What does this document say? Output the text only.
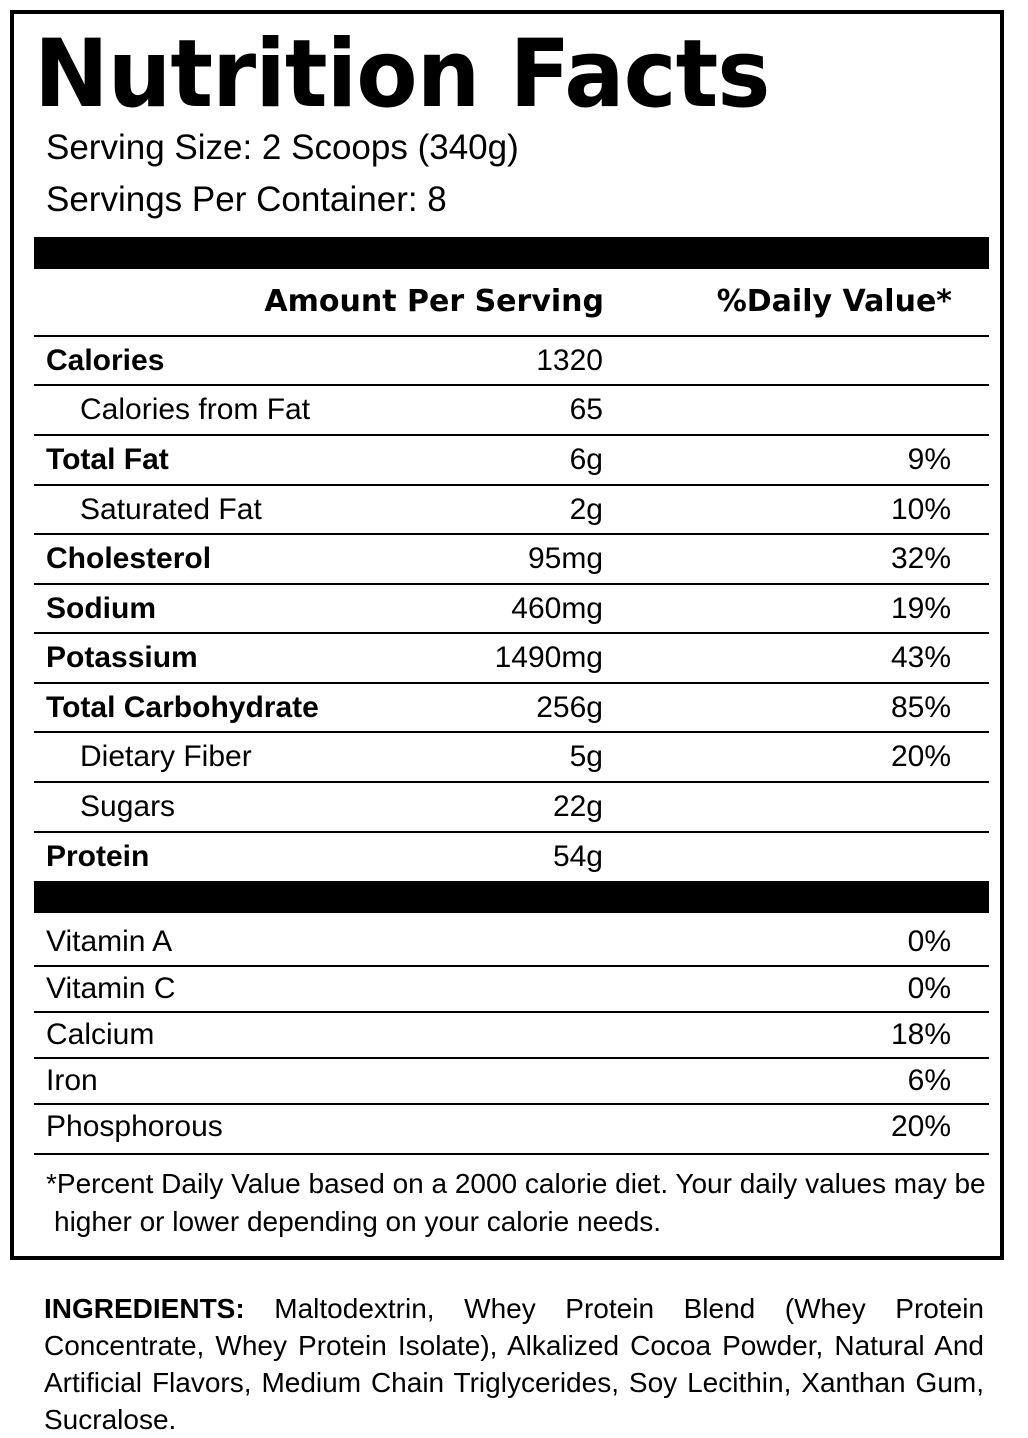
Nutrition Facts
Serving Size: 2 Scoops (340g)
Servings Per Container: 8
Amount Per Serving	%Daily Value*
Calories	1320
Calories from Fat	65
Total Fat	6g	9%
Saturated Fat	2g	10%
Cholesterol	95mg	32%
Sodium	460mg	19%
Potassium	1490mg	43%
Total Carbohydrate	256g	85%
Dietary Fiber	5g	20%
Sugars	22g
Protein	54g
Vitamin A	0%
Vitamin C	0%
Calcium	18%
Iron	6%
Phosphorous	20%
*Percent Daily Value based on a 2000 calorie diet. Your daily values may be
higher or lower depending on your calorie needs.
INGREDIENTS: Maltodextrin, Whey Protein Blend (Whey Protein Concentrate, Whey Protein Isolate), Alkalized Cocoa Powder, Natural And Artificial Flavors, Medium Chain Triglycerides, Soy Lecithin, Xanthan Gum, Sucralose.
